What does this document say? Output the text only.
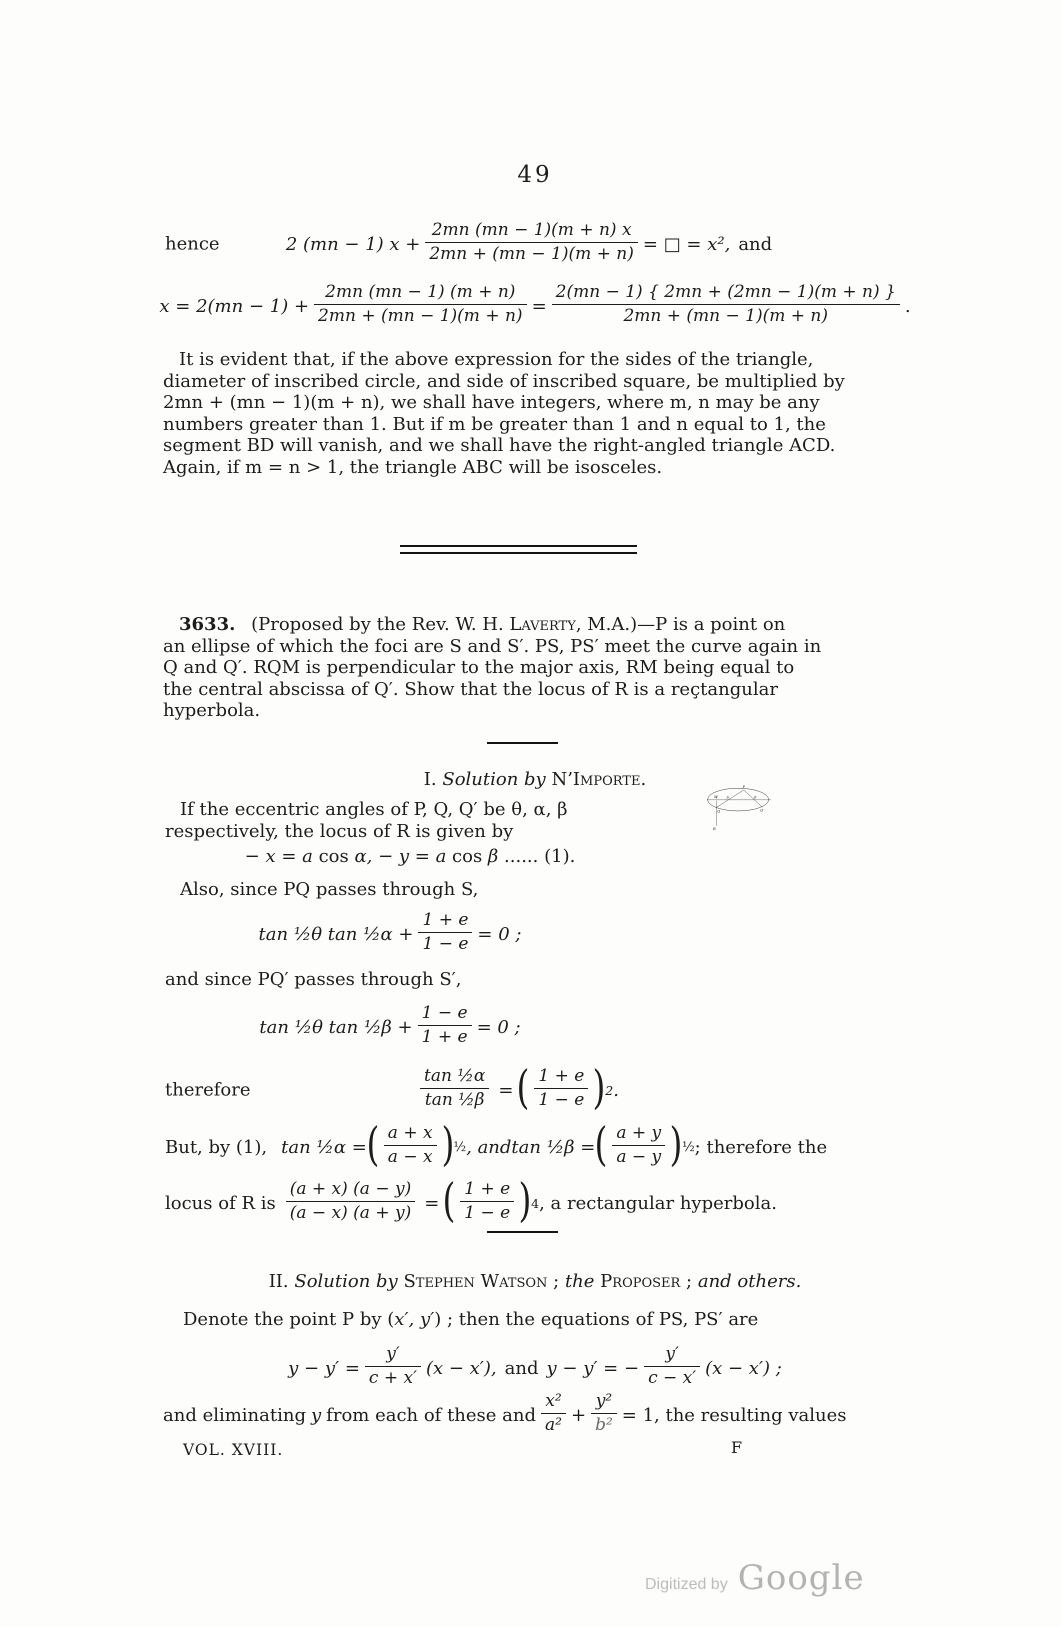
49
hence	2 (mn − 1) $x + \frac{2mn (mn - 1)(m + n) x}{2mn + (mn - 1)(m + n)}$ = □ = x², and
$x = 2(mn - 1) + \frac{2mn (mn - 1) (m + n)}{2mn + (mn - 1)(m + n)} = \frac{2(mn - 1) \{ 2mn + (2mn - 1)(m + n) \}}{2mn + (mn - 1)(m + n)}$ .
It is evident that, if the above expression for the sides of the triangle,
diameter of inscribed circle, and side of inscribed square, be multiplied by
2mn + (mn − 1)(m + n), we shall have integers, where m, n may be any
numbers greater than 1. But if m be greater than 1 and n equal to 1, the
segment BD will vanish, and we shall have the right-angled triangle ACD.
Again, if m = n > 1, the triangle ABC will be isosceles.
3633. (Proposed by the Rev. W. H. Laverty, M.A.)—P is a point on
an ellipse of which the foci are S and S′. PS, PS′ meet the curve again in
Q and Q′. RQM is perpendicular to the major axis, RM being equal to
the central abscissa of Q′. Show that the locus of R is a reçtangular
hyperbola.
I. Solution by N’Importe.
If the eccentric angles of P, Q, Q′ be θ, α, β
respectively, the locus of R is given by
− x = a cos α, − y = a cos β ...... (1).
Also, since PQ passes through S,
tan ½θ tan ½α + $\frac{1 + e}{1 - e} = 0$ ;
and since PQ′ passes through S′,
tan ½θ tan ½β + $\frac{1 - e}{1 + e} = 0$ ;
therefore	$\frac{\text{tan ½α}}{\text{tan ½β}}$ = ( $\frac{1 + e}{1 - e}$ ) 2 .
But, by (1), tan ½α = ( $\frac{a + x}{a - x}$ ) ½ , and tan ½β = ( $\frac{a + y}{a - y}$ ) ½ ; therefore the
locus of R is $\frac{(a + x) (a - y)}{(a - x) (a + y)}$ = ( $\frac{1 + e}{1 - e}$ ) 4 , a rectangular hyperbola.
P
M S S′
Q	Q′
R
II. Solution by Stephen Watson ; the Proposer ; and others.
Denote the point P by (x′, y′) ; then the equations of PS, PS′ are
$y - y' = \frac{y'}{c + x'} (x - x')$, and y − y′ = − $\frac{y'}{c - x'} (x - x')$ ;
and eliminating y from each of these and $\frac{\text{x²}}{\text{a²}} + \frac{\text{y²}}{\text{b²}} = 1$, the resulting values
VOL. XVIII.	F
Digitized by Google
